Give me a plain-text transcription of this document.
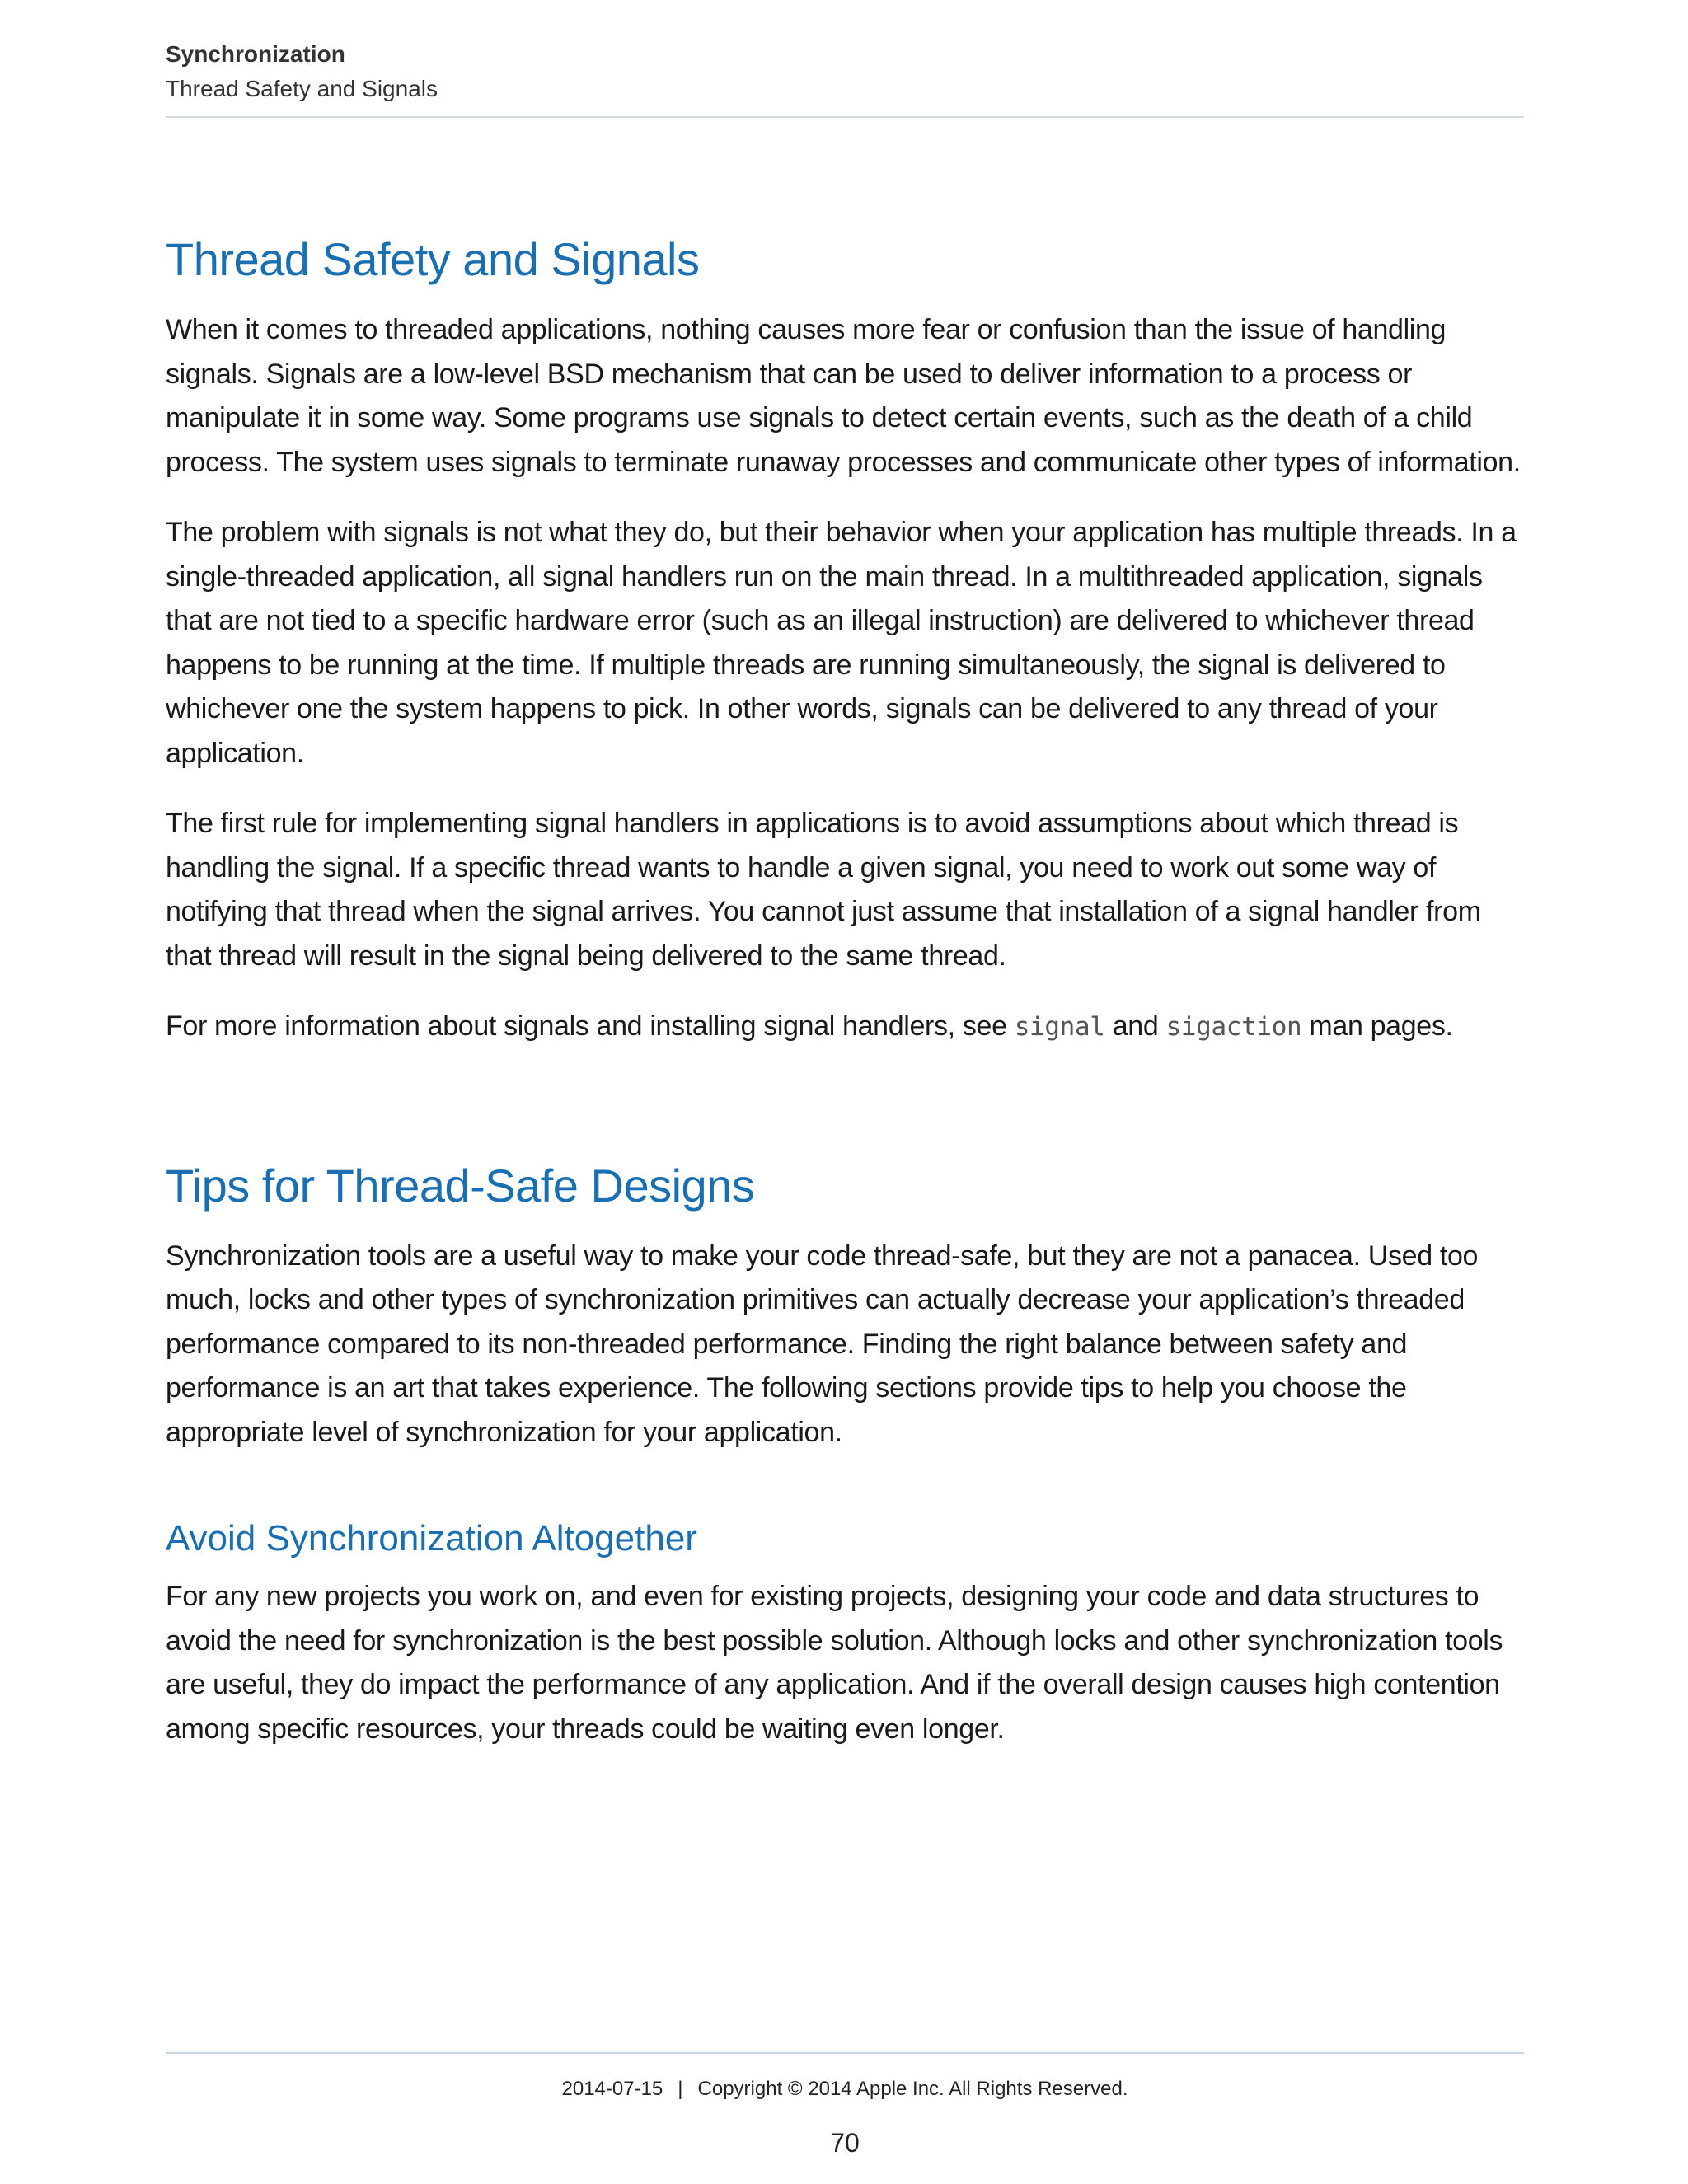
Synchronization
Thread Safety and Signals
Thread Safety and Signals

When it comes to threaded applications, nothing causes more fear or confusion than the issue of handling signals. Signals are a low-level BSD mechanism that can be used to deliver information to a process or manipulate it in some way. Some programs use signals to detect certain events, such as the death of a child process. The system uses signals to terminate runaway processes and communicate other types of information.

The problem with signals is not what they do, but their behavior when your application has multiple threads. In a single-threaded application, all signal handlers run on the main thread. In a multithreaded application, signals that are not tied to a specific hardware error (such as an illegal instruction) are delivered to whichever thread happens to be running at the time. If multiple threads are running simultaneously, the signal is delivered to whichever one the system happens to pick. In other words, signals can be delivered to any thread of your application.

The first rule for implementing signal handlers in applications is to avoid assumptions about which thread is handling the signal. If a specific thread wants to handle a given signal, you need to work out some way of notifying that thread when the signal arrives. You cannot just assume that installation of a signal handler from that thread will result in the signal being delivered to the same thread.

For more information about signals and installing signal handlers, see signal and sigaction man pages.

Tips for Thread-Safe Designs

Synchronization tools are a useful way to make your code thread-safe, but they are not a panacea. Used too much, locks and other types of synchronization primitives can actually decrease your application’s threaded performance compared to its non-threaded performance. Finding the right balance between safety and performance is an art that takes experience. The following sections provide tips to help you choose the appropriate level of synchronization for your application.

Avoid Synchronization Altogether

For any new projects you work on, and even for existing projects, designing your code and data structures to avoid the need for synchronization is the best possible solution. Although locks and other synchronization tools are useful, they do impact the performance of any application. And if the overall design causes high contention among specific resources, your threads could be waiting even longer.

2014-07-15 | Copyright © 2014 Apple Inc. All Rights Reserved.
70
